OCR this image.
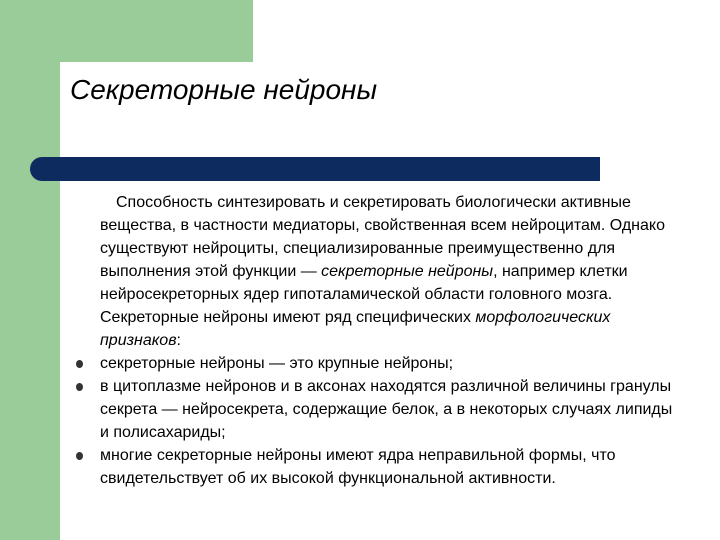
Секреторные нейроны

Способность синтезировать и секретировать биологически активные вещества, в частности медиаторы, свойственная всем нейроцитам. Однако существуют нейроциты, специализированные преимущественно для выполнения этой функции — секреторные нейроны, например клетки нейросекреторных ядер гипоталамической области головного мозга. Секреторные нейроны имеют ряд специфических морфологических признаков:

секреторные нейроны — это крупные нейроны;
в цитоплазме нейронов и в аксонах находятся различной величины гранулы секрета — нейросекрета, содержащие белок, а в некоторых случаях липиды и полисахариды;
многие секреторные нейроны имеют ядра неправильной формы, что свидетельствует об их высокой функциональной активности.
